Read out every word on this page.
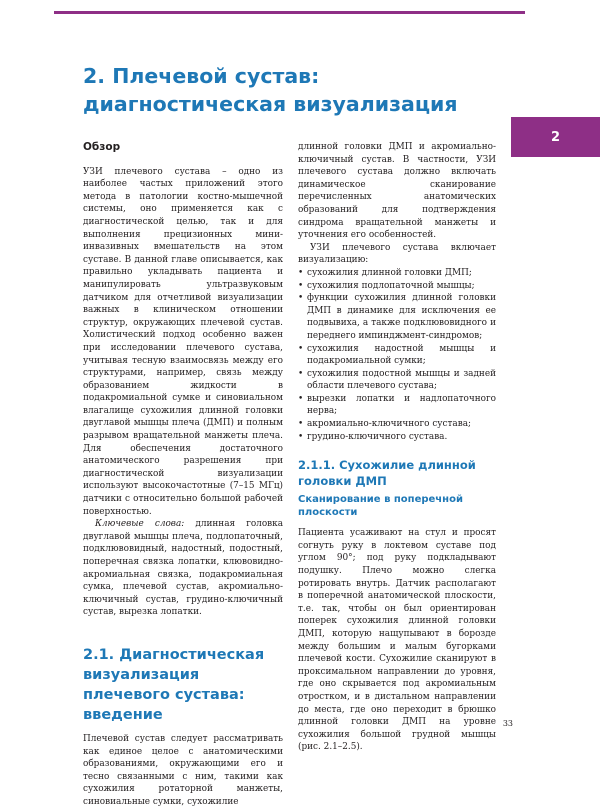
2. Плечевой сустав: диагностическая визуализация
2
Обзор

УЗИ плечевого сустава – одно из наиболее частых приложений этого метода в патологии костно-мышечной системы, оно применяется как с диагностической целью, так и для выполнения прецизионных мини-инвазивных вмешательств на этом суставе. В данной главе описывается, как правильно укладывать пациента и манипулировать ультразвуковым датчиком для отчетливой визуализации важных в клиническом отношении структур, окружающих плечевой сустав. Холистический подход особенно важен при исследовании плечевого сустава, учитывая тесную взаимосвязь между его структурами, например, связь между образованием жидкости в подакромиальной сумке и синовиальном влагалище сухожилия длинной головки двуглавой мышцы плеча (ДМП) и полным разрывом вращательной манжеты плеча. Для обеспечения достаточного анатомического разрешения при диагностической визуализации используют высокочастотные (7–15 МГц) датчики с относительно большой рабочей поверхностью.

Ключевые слова: длинная головка двуглавой мышцы плеча, подлопаточный, подклювовидный, надостный, подостный, поперечная связка лопатки, клювовидно-акромиальная связка, подакромиальная сумка, плечевой сустав, акромиально-ключичный сустав, грудино-ключичный сустав, вырезка лопатки.

2.1. Диагностическая визуализация плечевого сустава: введение

Плечевой сустав следует рассматривать как единое целое с анатомическими образованиями, окружающими его и тесно связанными с ним, такими как сухожилия ротаторной манжеты, синовиальные сумки, сухожилие

длинной головки ДМП и акромиально-ключичный сустав. В частности, УЗИ плечевого сустава должно включать динамическое сканирование перечисленных анатомических образований для подтверждения синдрома вращательной манжеты и уточнения его особенностей.

УЗИ плечевого сустава включает визуализацию:

• сухожилия длинной головки ДМП;
• сухожилия подлопаточной мышцы;
• функции сухожилия длинной головки ДМП в динамике для исключения ее подвывиха, а также подклювовидного и переднего импинджмент-синдромов;
• сухожилия надостной мышцы и подакромиальной сумки;
• сухожилия подостной мышцы и задней области плечевого сустава;
• вырезки лопатки и надлопаточного нерва;
• акромиально-ключичного сустава;
• грудино-ключичного сустава.
2.1.1. Сухожилие длинной головки ДМП
Сканирование в поперечной плоскости

Пациента усаживают на стул и просят согнуть руку в локтевом суставе под углом 90°; под руку подкладывают подушку. Плечо можно слегка ротировать внутрь. Датчик располагают в поперечной анатомической плоскости, т.е. так, чтобы он был ориентирован поперек сухожилия длинной головки ДМП, которую нащупывают в борозде между большим и малым бугорками плечевой кости. Сухожилие сканируют в проксимальном направлении до уровня, где оно скрывается под акромиальным отростком, и в дистальном направлении до места, где оно переходит в брюшко длинной головки ДМП на уровне сухожилия большой грудной мышцы (рис. 2.1–2.5).

33
